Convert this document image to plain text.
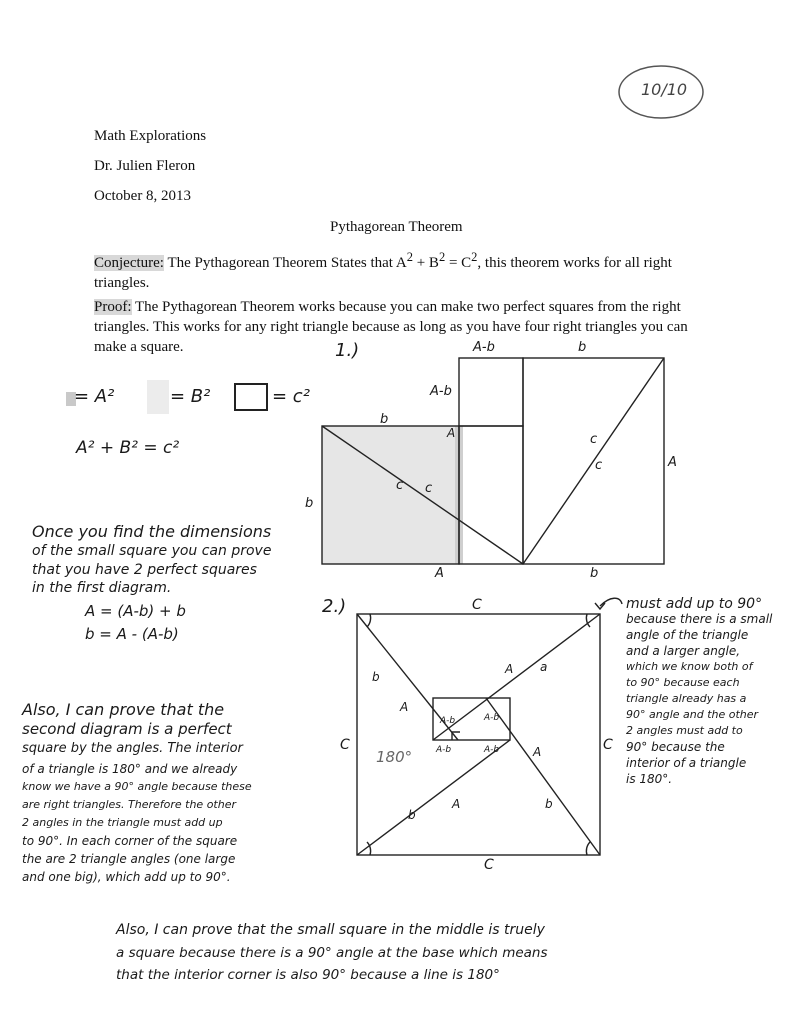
10/10
Math Explorations
Dr. Julien Fleron
October 8, 2013
Pythagorean Theorem
Conjecture: The Pythagorean Theorem States that $A^2 + B^2 = C^2$, this theorem works for all right triangles.
Proof: The Pythagorean Theorem works because you can make two perfect squares from the right triangles. This works for any right triangle because as long as you have four right triangles you can make a square.
= A²	= B²	= c²
A² + B² = c²
1.)	A-b	b
A-b
b
A
b
c c
c
c	A
A	b
Once you find the dimensions
of the small square you can prove
that you have 2 perfect squares
in the first diagram.
A = (A-b) + b
b = A - (A-b)
2.)	C
C	C
C
180°
b
A
A a
A
b
b
A
A-b	A-b
A-b	A-b
must add up to 90°
because there is a small
angle of the triangle
and a larger angle,
which we know both of
to 90° because each
triangle already has a
90° angle and the other
2 angles must add to
90° because the
interior of a triangle
is 180°.
Also, I can prove that the
second diagram is a perfect
square by the angles. The interior
of a triangle is 180° and we already
know we have a 90° angle because these
are right triangles. Therefore the other
2 angles in the triangle must add up
to 90°. In each corner of the square
the are 2 triangle angles (one large
and one big), which add up to 90°.
Also, I can prove that the small square in the middle is truely
a square because there is a 90° angle at the base which means
that the interior corner is also 90° because a line is 180°
